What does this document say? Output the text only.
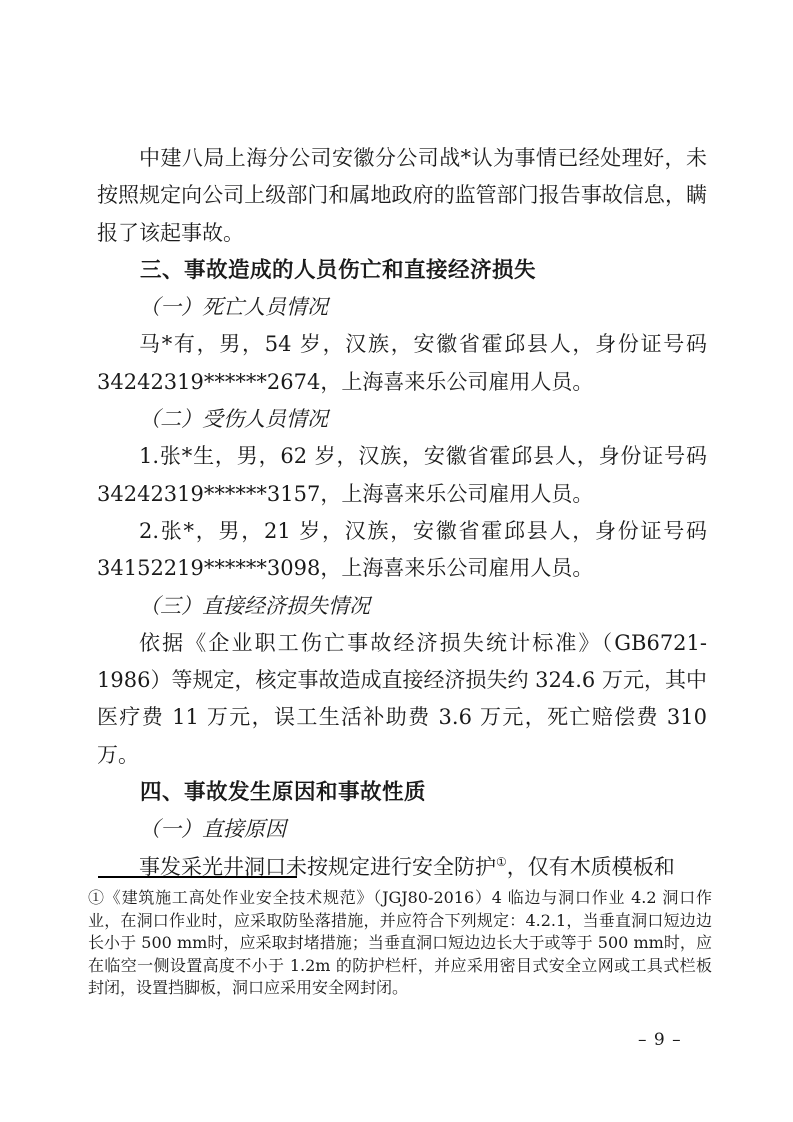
中建八局上海分公司安徽分公司战*认为事情已经处理好，未按照规定向公司上级部门和属地政府的监管部门报告事故信息，瞒报了该起事故。

三、事故造成的人员伤亡和直接经济损失

（一）死亡人员情况

马*有，男，54 岁，汉族，安徽省霍邱县人，身份证号码34242319******2674，上海喜来乐公司雇用人员。

（二）受伤人员情况

1.张*生，男，62 岁，汉族，安徽省霍邱县人，身份证号码34242319******3157，上海喜来乐公司雇用人员。

2.张*，男，21 岁，汉族，安徽省霍邱县人，身份证号码34152219******3098，上海喜来乐公司雇用人员。

（三）直接经济损失情况

依据《企业职工伤亡事故经济损失统计标准》（GB6721-1986）等规定，核定事故造成直接经济损失约 324.6 万元，其中医疗费 11 万元，误工生活补助费 3.6 万元，死亡赔偿费 310 万。

四、事故发生原因和事故性质

（一）直接原因

事发采光井洞口未按规定进行安全防护①，仅有木质模板和

①《建筑施工高处作业安全技术规范》（JGJ80-2016）4 临边与洞口作业 4.2 洞口作业，在洞口作业时，应采取防坠落措施，并应符合下列规定：4.2.1，当垂直洞口短边边长小于 500 mm时，应采取封堵措施；当垂直洞口短边边长大于或等于 500 mm时，应在临空一侧设置高度不小于 1.2m 的防护栏杆，并应采用密目式安全立网或工具式栏板封闭，设置挡脚板，洞口应采用安全网封闭。

– 9 –
